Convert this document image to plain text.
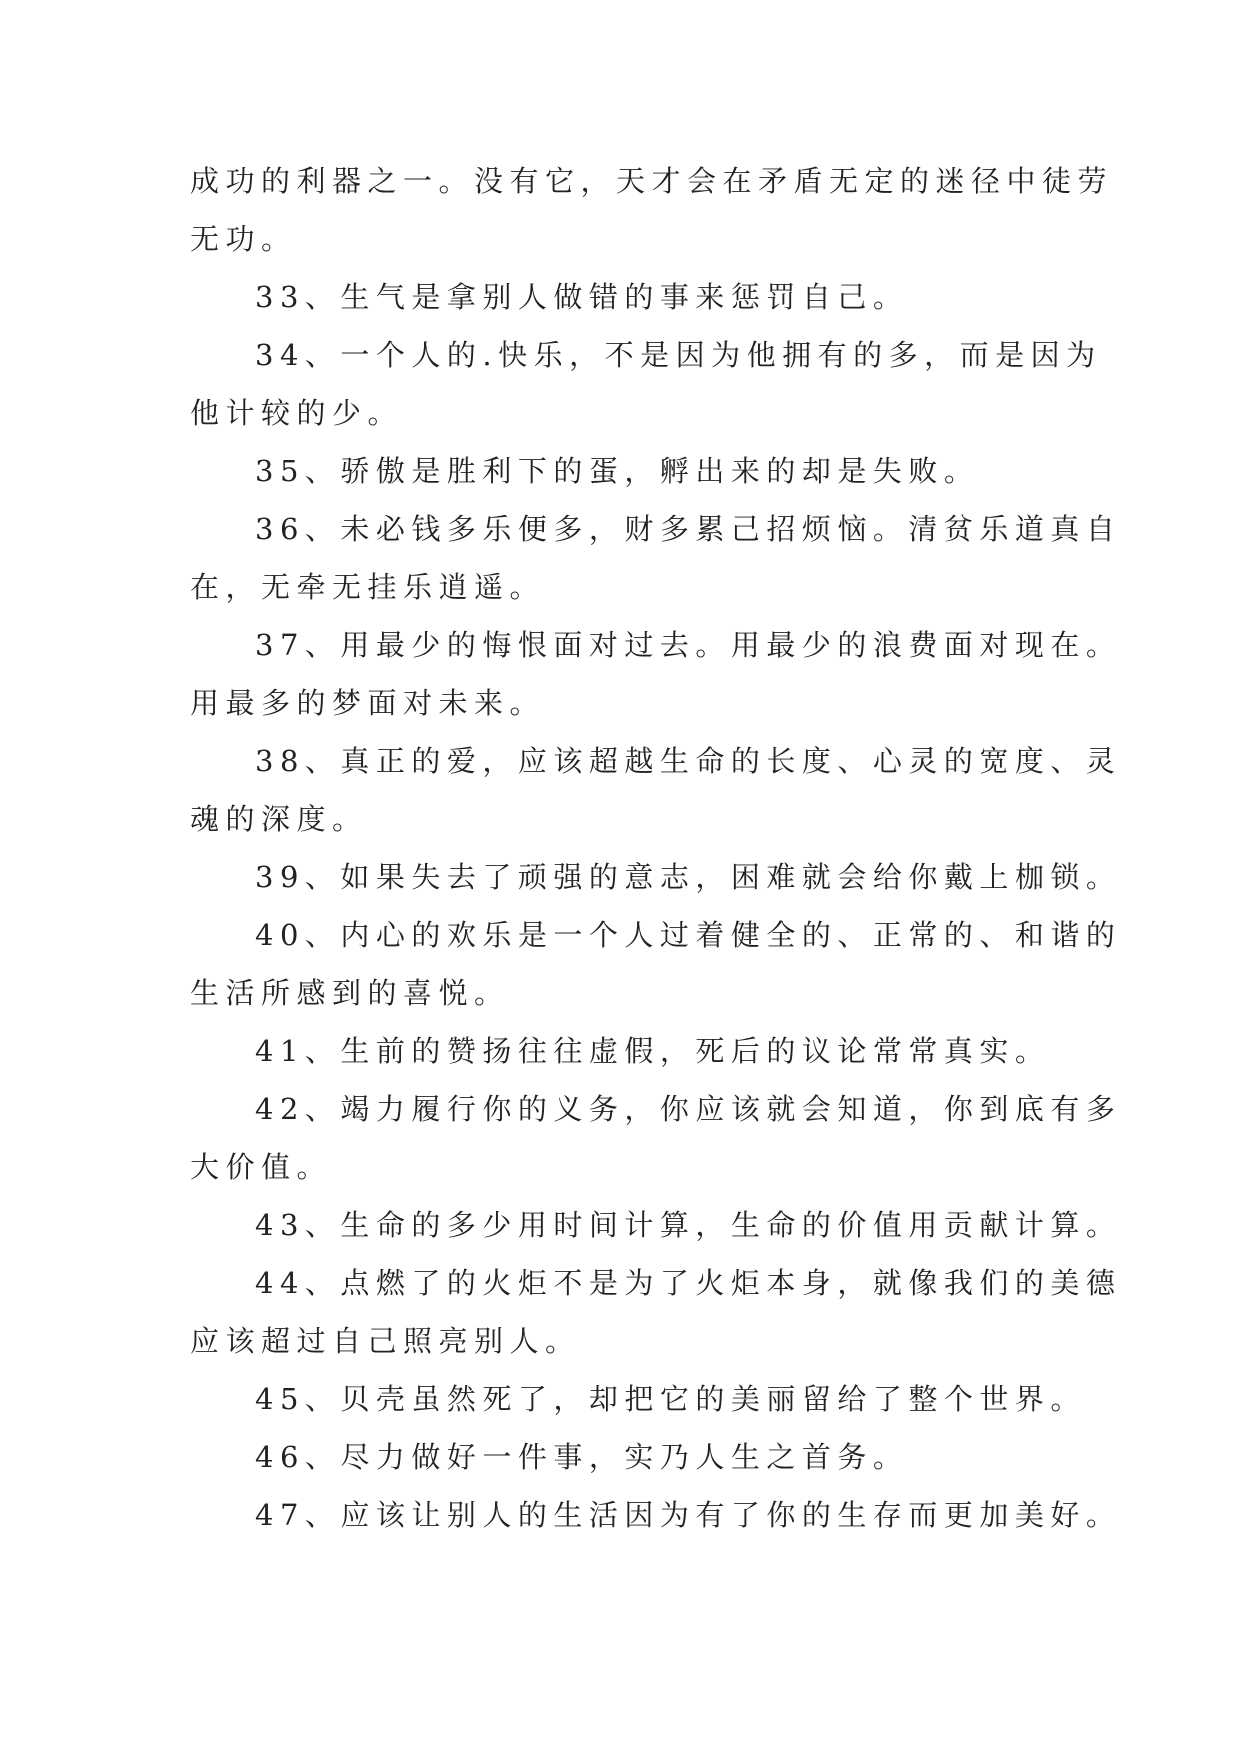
成功的利器之一。没有它，天才会在矛盾无定的迷径中徒劳
无功。
33、生气是拿别人做错的事来惩罚自己。
34、一个人的.快乐，不是因为他拥有的多，而是因为
他计较的少。
35、骄傲是胜利下的蛋，孵出来的却是失败。
36、未必钱多乐便多，财多累己招烦恼。清贫乐道真自
在，无牵无挂乐逍遥。
37、用最少的悔恨面对过去。用最少的浪费面对现在。
用最多的梦面对未来。
38、真正的爱，应该超越生命的长度、心灵的宽度、灵
魂的深度。
39、如果失去了顽强的意志，困难就会给你戴上枷锁。
40、内心的欢乐是一个人过着健全的、正常的、和谐的
生活所感到的喜悦。
41、生前的赞扬往往虚假，死后的议论常常真实。
42、竭力履行你的义务，你应该就会知道，你到底有多
大价值。
43、生命的多少用时间计算，生命的价值用贡献计算。
44、点燃了的火炬不是为了火炬本身，就像我们的美德
应该超过自己照亮别人。
45、贝壳虽然死了，却把它的美丽留给了整个世界。
46、尽力做好一件事，实乃人生之首务。
47、应该让别人的生活因为有了你的生存而更加美好。
